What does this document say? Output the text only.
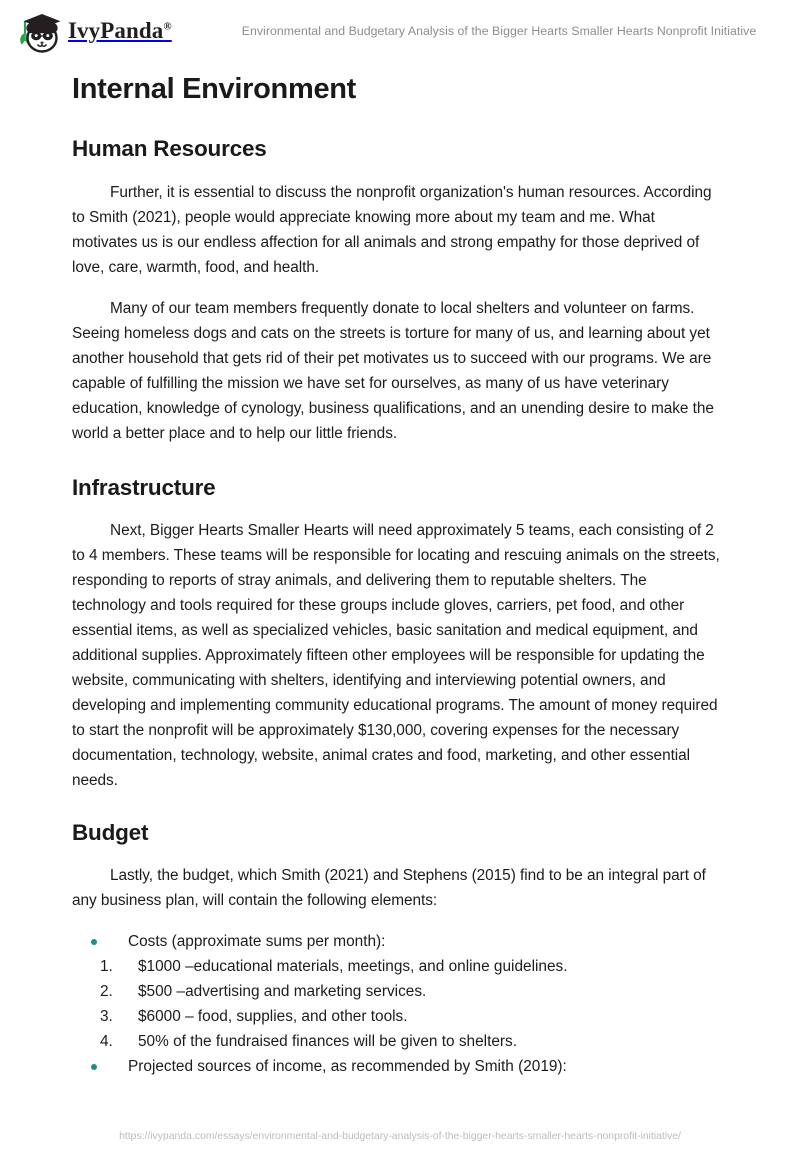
IvyPanda®	Environmental and Budgetary Analysis of the Bigger Hearts Smaller Hearts Nonprofit Initiative
Internal Environment
Human Resources

Further, it is essential to discuss the nonprofit organization's human resources. According to Smith (2021), people would appreciate knowing more about my team and me. What motivates us is our endless affection for all animals and strong empathy for those deprived of love, care, warmth, food, and health.

Many of our team members frequently donate to local shelters and volunteer on farms. Seeing homeless dogs and cats on the streets is torture for many of us, and learning about yet another household that gets rid of their pet motivates us to succeed with our programs. We are capable of fulfilling the mission we have set for ourselves, as many of us have veterinary education, knowledge of cynology, business qualifications, and an unending desire to make the world a better place and to help our little friends.

Infrastructure

Next, Bigger Hearts Smaller Hearts will need approximately 5 teams, each consisting of 2 to 4 members. These teams will be responsible for locating and rescuing animals on the streets, responding to reports of stray animals, and delivering them to reputable shelters. The technology and tools required for these groups include gloves, carriers, pet food, and other essential items, as well as specialized vehicles, basic sanitation and medical equipment, and additional supplies. Approximately fifteen other employees will be responsible for updating the website, communicating with shelters, identifying and interviewing potential owners, and developing and implementing community educational programs. The amount of money required to start the nonprofit will be approximately $130,000, covering expenses for the necessary documentation, technology, website, animal crates and food, marketing, and other essential needs.

Budget

Lastly, the budget, which Smith (2021) and Stephens (2015) find to be an integral part of any business plan, will contain the following elements:

Costs (approximate sums per month):
1.	$1000 –educational materials, meetings, and online guidelines.
2.	$500 –advertising and marketing services.
3.	$6000 – food, supplies, and other tools.
4.	50% of the fundraised finances will be given to shelters.
Projected sources of income, as recommended by Smith (2019):
https://ivypanda.com/essays/environmental-and-budgetary-analysis-of-the-bigger-hearts-smaller-hearts-nonprofit-initiative/
